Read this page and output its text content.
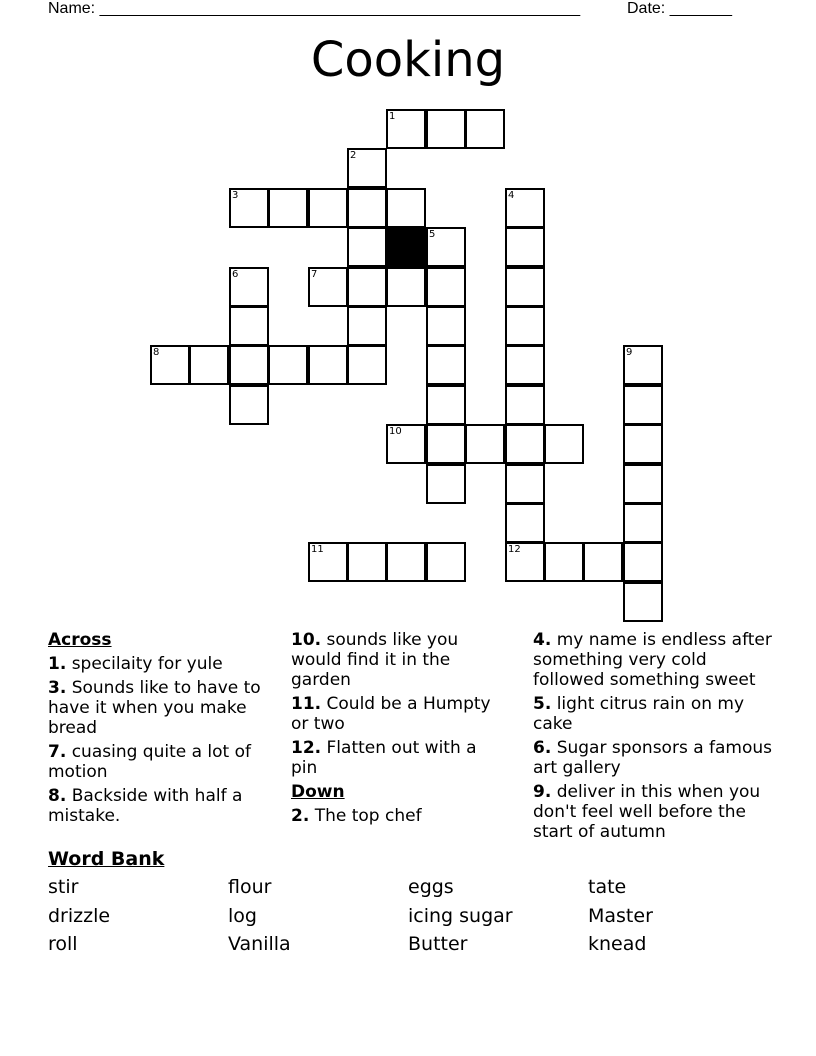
Name: ______________________________________________________	Date: _______
Cooking
1
2
3	4
5
6	7
8	9
10
11	12
Across
1. specilaity for yule
3. Sounds like to have to have it when you make bread
7. cuasing quite a lot of motion
8. Backside with half a mistake.
10. sounds like you would find it in the garden
11. Could be a Humpty or two
12. Flatten out with a pin
Down
2. The top chef
4. my name is endless after something very cold followed something sweet
5. light citrus rain on my cake
6. Sugar sponsors a famous art gallery
9. deliver in this when you don't feel well before the start of autumn
Word Bank
stir	flour	eggs	tate
drizzle	log	icing sugar	Master
roll	Vanilla	Butter	knead
